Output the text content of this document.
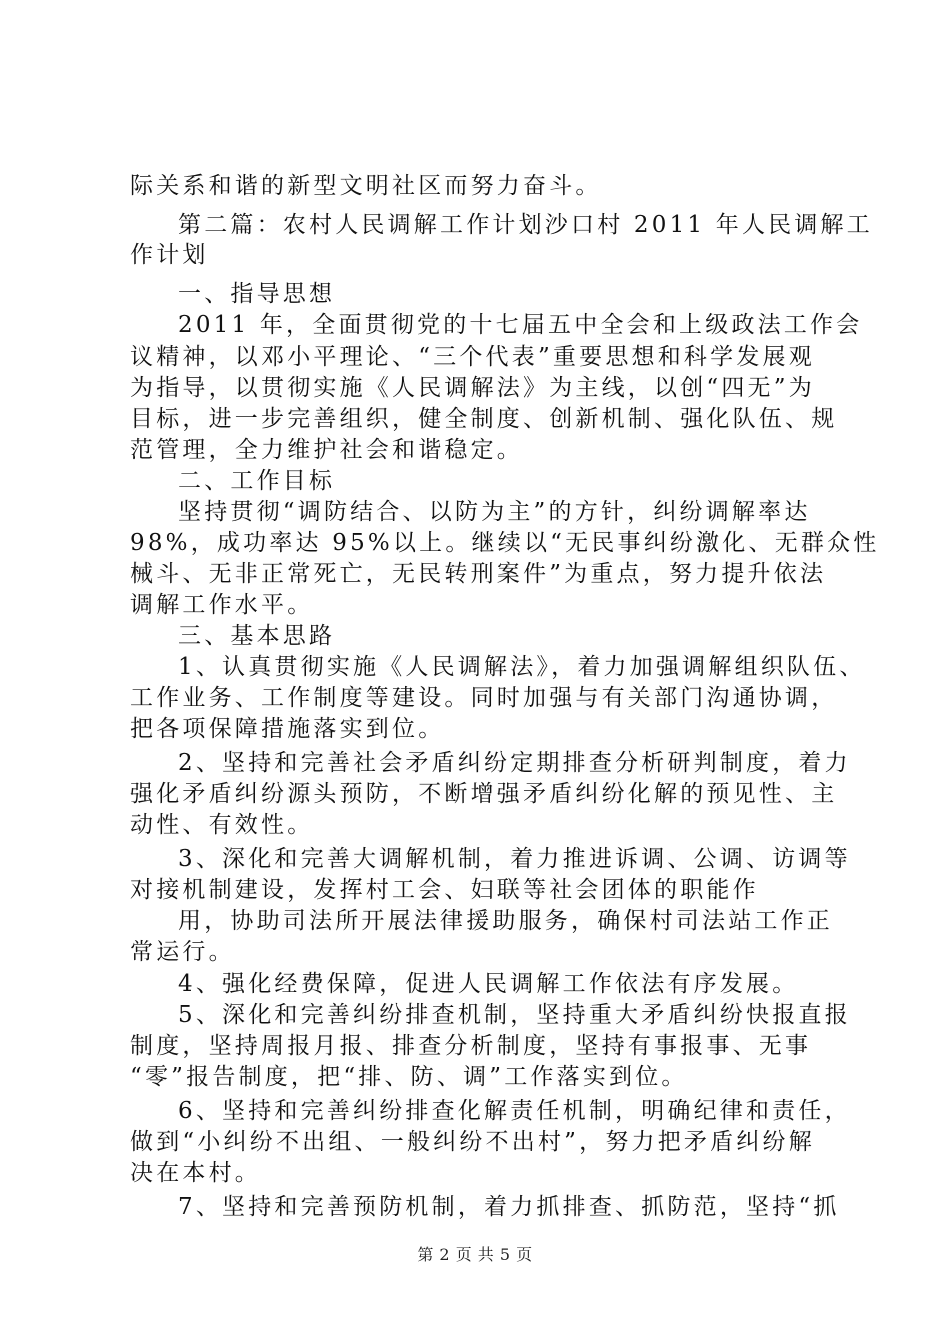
际关系和谐的新型文明社区而努力奋斗。
第二篇：农村人民调解工作计划沙口村 2011 年人民调解工
作计划
一、指导思想
2011 年，全面贯彻党的十七届五中全会和上级政法工作会
议精神，以邓小平理论、“三个代表”重要思想和科学发展观
为指导，以贯彻实施《人民调解法》为主线，以创“四无”为
目标，进一步完善组织，健全制度、创新机制、强化队伍、规
范管理，全力维护社会和谐稳定。
二、工作目标
坚持贯彻“调防结合、以防为主”的方针，纠纷调解率达
98%，成功率达 95%以上。继续以“无民事纠纷激化、无群众性
械斗、无非正常死亡，无民转刑案件”为重点，努力提升依法
调解工作水平。
三、基本思路
1、认真贯彻实施《人民调解法》，着力加强调解组织队伍、
工作业务、工作制度等建设。同时加强与有关部门沟通协调，
把各项保障措施落实到位。
2、坚持和完善社会矛盾纠纷定期排查分析研判制度，着力
强化矛盾纠纷源头预防，不断增强矛盾纠纷化解的预见性、主
动性、有效性。
3、深化和完善大调解机制，着力推进诉调、公调、访调等
对接机制建设，发挥村工会、妇联等社会团体的职能作
用，协助司法所开展法律援助服务，确保村司法站工作正
常运行。
4、强化经费保障，促进人民调解工作依法有序发展。
5、深化和完善纠纷排查机制，坚持重大矛盾纠纷快报直报
制度，坚持周报月报、排查分析制度，坚持有事报事、无事
“零”报告制度，把“排、防、调”工作落实到位。
6、坚持和完善纠纷排查化解责任机制，明确纪律和责任，
做到“小纠纷不出组、一般纠纷不出村”，努力把矛盾纠纷解
决在本村。
7、坚持和完善预防机制，着力抓排查、抓防范，坚持“抓
第 2 页 共 5 页
